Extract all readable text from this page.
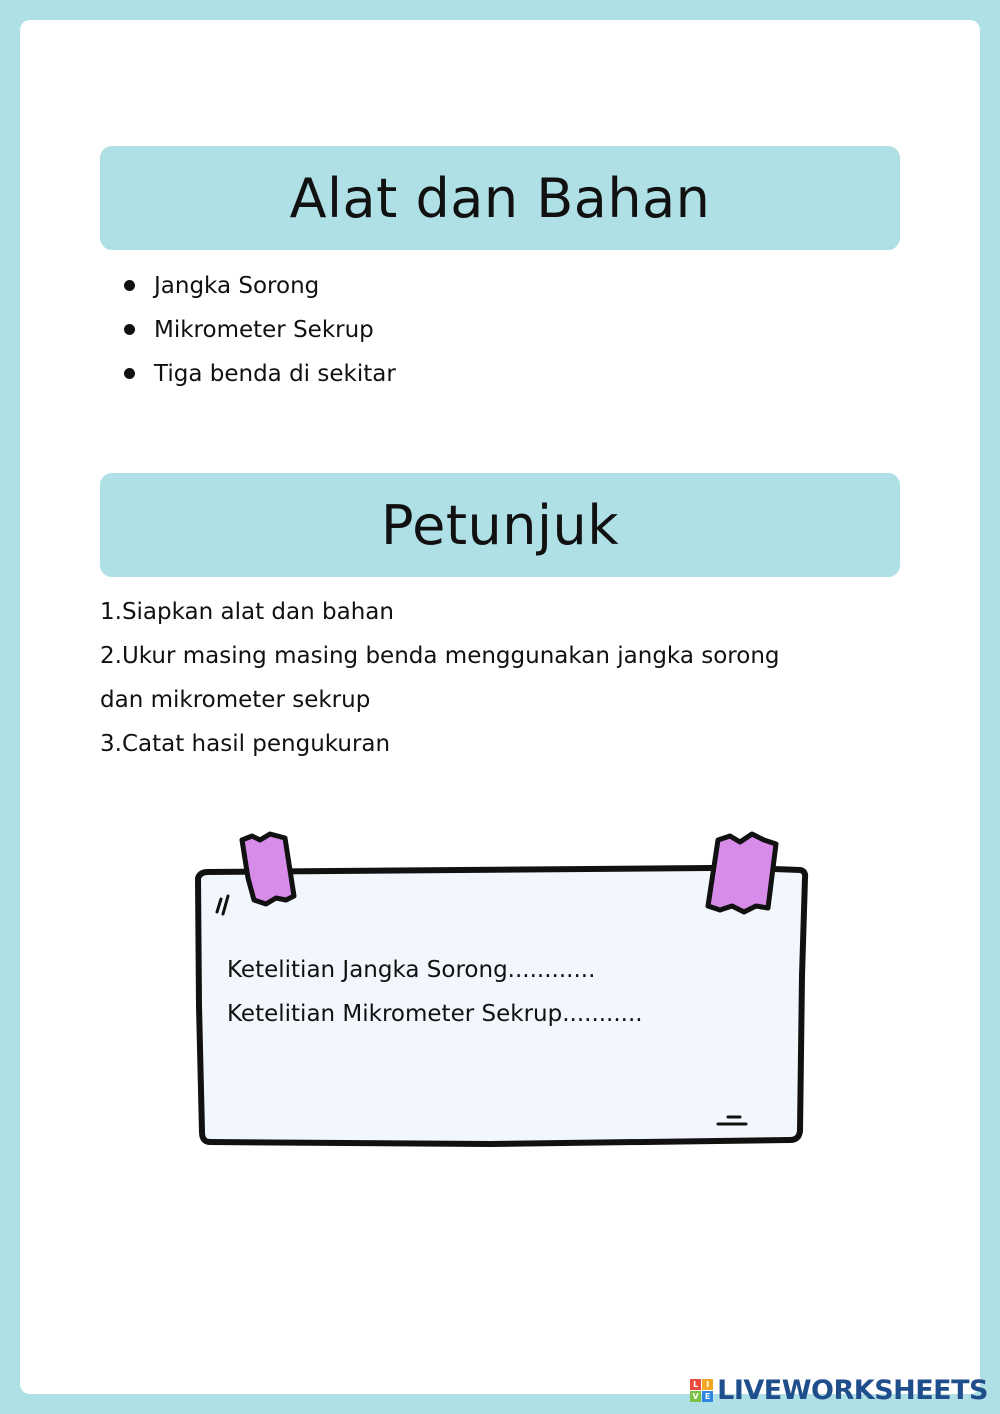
Alat dan Bahan
Jangka Sorong
Mikrometer Sekrup
Tiga benda di sekitar
Petunjuk
1.Siapkan alat dan bahan
2.Ukur masing masing benda menggunakan jangka sorong
dan mikrometer sekrup
3.Catat hasil pengukuran
Ketelitian Jangka Sorong............
Ketelitian Mikrometer Sekrup...........
L I
V E LIVEWORKSHEETS
